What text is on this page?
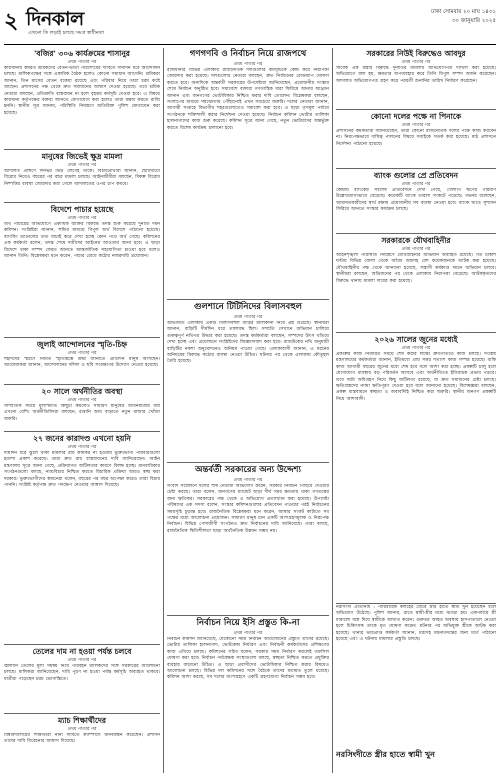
২ দিনকাল
এখনো কি লড়াই চলছে সমগ্র স্বাধীনতা
ঢাকা সোমবার ২০ মাঘ ১৪৩১
৩০ জানুয়ারি ২০২৫
'বজির' ৩০৬ কার্যক্রমের শাসানুর
প্রথম পাতার পর
কারখানায় কর্মরত শ্রমিকদের বেতন-ভাতা পরিশোধের দাবিতে দীর্ঘদিন ধরে আন্দোলন চলছে। মালিকপক্ষের সঙ্গে একাধিক বৈঠক হলেও কোনো সমাধান আসেনি। শ্রমিকরা জানান, তিন মাসের বেতন বকেয়া রয়েছে এবং পরিবার নিয়ে তারা চরম কষ্টে আছেন। প্রশাসনের পক্ষ থেকে দ্রুত সমাধানের আশ্বাস দেওয়া হয়েছে। তবে শ্রমিক নেতারা বলছেন, প্রতিশ্রুতি বাস্তবায়ন না হলে বৃহত্তর কর্মসূচি দেওয়া হবে। এ বিষয়ে কারখানা কর্তৃপক্ষের বক্তব্য জানতে যোগাযোগ করা হলেও তারা মন্তব্য করতে রাজি হননি। স্থানীয় সূত্র জানায়, পরিস্থিতি নিয়ন্ত্রণে অতিরিক্ত পুলিশ মোতায়েন করা হয়েছে।
মানুষের জিভেই ক্ষুদ্র মামলা
প্রথম পাতার পর
আদালত প্রাঙ্গণে দিনভর ভিড় লেগেই থাকে। বিচারপ্রার্থীরা জানান, ছোটখাটো বিরোধ নিয়েও বছরের পর বছর মামলা চলছে। আইনজীবীরা বলছেন, বিকল্প বিরোধ নিষ্পত্তির ব্যবস্থা জোরদার করা গেলে আদালতের ওপর চাপ কমবে।
বিদেশে পাচার হয়েছে
প্রথম পাতার পর
অর্থ পাচারের অভিযোগে একাধিক ব্যক্তির বিরুদ্ধে তদন্ত শুরু করেছে দুর্নীতি দমন কমিশন। সংশ্লিষ্টরা জানান, হুন্ডির মাধ্যমে বিপুল অর্থ বিদেশে পাঠানো হয়েছে। ব্যাংকিং চ্যানেলের তথ্য যাচাই করে দেখা হচ্ছে কোন পথে অর্থ গেছে। কমিশনের এক কর্মকর্তা বলেন, তদন্ত শেষে দায়ীদের আইনের আওতায় আনা হবে। এ ছাড়া বিদেশে থাকা সম্পদ ফেরত আনতে আন্তর্জাতিক সহযোগিতা চাওয়া হবে বলেও জানান তিনি। বিশ্লেষকরা মনে করেন, পাচার রোধে কঠোর নজরদারি প্রয়োজন।
জুলাই আন্দোলনের স্মৃতি-চিহ্ন
প্রথম পাতার পর
শহীদদের স্মরণে নির্মিত স্মৃতিস্তম্ভে শ্রদ্ধা জানাতে প্রতিদিন মানুষ আসছেন। আয়োজকরা জানান, আন্দোলনের দলিল ও ছবি সংরক্ষণের উদ্যোগ নেওয়া হয়েছে।
২০ সালে অর্থনীতির অবস্থা
প্রথম পাতার পর
সাম্প্রতিক সময়ে মূল্যস্ফীতি কিছুটা কমলেও সাধারণ মানুষের জীবনযাত্রার ব্যয় এখনো বেশি। অর্থনীতিবিদরা বলছেন, রপ্তানি আয় বাড়াতে নতুন বাজার খোঁজা জরুরি।
২৭ জনের কারাদণ্ড এখনো হয়নি
প্রথম পাতার পর
দীর্ঘদিন ধরে ঝুলে থাকা মামলার রায় কার্যকর না হওয়ায় ভুক্তভোগী পরিবারগুলো হতাশা প্রকাশ করেছে। তারা দ্রুত রায় বাস্তবায়নের দাবি জানিয়েছেন। আইন মন্ত্রণালয় সূত্রে জানা গেছে, প্রক্রিয়াগত জটিলতার কারণে বিলম্ব হচ্ছে। মানবাধিকার সংগঠনগুলো বলছে, ন্যায়বিচার নিশ্চিত করতে বিচারিক প্রক্রিয়া আরও স্বচ্ছ করা দরকার। ভুক্তভোগীদের স্বজনেরা বলেন, বছরের পর বছর অপেক্ষা করেও তারা বিচার পাননি। সংশ্লিষ্ট কর্তৃপক্ষ দ্রুত পদক্ষেপ নেওয়ার আশ্বাস দিয়েছে।
তেলের দাম না হওয়া পর্যন্ত চলবে
প্রথম পাতার পর
জ্বালানি তেলের মূল্য সমন্বয় নিয়ে পরিবহন মালিকদের সঙ্গে সরকারের আলোচনা চলছে। মালিকরা জানিয়েছেন, দাবি পূরণ না হওয়া পর্যন্ত কর্মসূচি অব্যাহত থাকবে। যাত্রীরা পড়েছেন চরম ভোগান্তিতে।
ম্যাচ শিক্ষার্থীদের
প্রথম পাতার পর
বিশ্ববিদ্যালয়ের শিক্ষার্থীরা নানা দাবিতে ক্যাম্পাসে মানববন্ধন করেছেন। প্রশাসন তাদের দাবি বিবেচনার আশ্বাস দিয়েছে।
গণগণবি ও নির্বাচন নিয়ে রাজপথে
প্রথম পাতার পর
রাজধানীর বিভিন্ন এলাকায় রাজনৈতিক দলগুলোর কর্মসূচিকে কেন্দ্র করে নিরাপত্তা জোরদার করা হয়েছে। দলগুলোর নেতারা বলছেন, দ্রুত নির্বাচনের রোডম্যাপ ঘোষণা করতে হবে। অন্যদিকে অন্তর্বর্তী সরকারের উপদেষ্টারা জানিয়েছেন, প্রয়োজনীয় সংস্কার শেষে নির্বাচন অনুষ্ঠিত হবে। সমাবেশে বক্তারা গণতান্ত্রিক ধারা ফিরিয়ে আনার আহ্বান জানান এবং জনগণের ভোটাধিকার নিশ্চিত করার দাবি তোলেন। বিশ্লেষকরা বলছেন, সংলাপের মাধ্যমে সমঝোতায় পৌঁছানোই এখন সবচেয়ে জরুরি। দলের নেতারা জানান, আগামী সপ্তাহে বিভাগীয় শহরগুলোতেও সমাবেশ করা হবে। এ ছাড়া তৃণমূল পর্যায়ে সংগঠনকে শক্তিশালী করার নির্দেশনা দেওয়া হয়েছে। নির্বাচন কমিশন ভোটার তালিকা হালনাগাদের কাজ শুরু করেছে। কমিশন সূত্রে জানা গেছে, নতুন ভোটারদের অন্তর্ভুক্ত করতে বিশেষ কার্যক্রম চালানো হবে।
গুলশানে টিটিনিদের বিলাসবহুল
প্রথম পাতার পর
অভিজাত এলাকায় একটি বিলাসবহুল বাড়ির মালিকানা নিয়ে প্রশ্ন উঠেছে। স্থানীয়রা জানান, বাড়িটি দীর্ঘদিন ধরে তালাবদ্ধ ছিল। সম্প্রতি সেখানে অভিযান চালিয়ে গুরুত্বপূর্ণ নথিপত্র উদ্ধার করা হয়েছে। তদন্ত কর্মকর্তারা বলছেন, সম্পদের উৎস খতিয়ে দেখা হচ্ছে এবং প্রয়োজনে সংশ্লিষ্টদের জিজ্ঞাসাবাদ করা হবে। রাজউকের নথি অনুযায়ী বাড়িটির নকশা অনুমোদনেও অনিয়ম পাওয়া গেছে। এলাকাবাসী জানান, এ ধরনের অনিয়মের বিরুদ্ধে কঠোর ব্যবস্থা নেওয়া উচিত। ঘটনার পর থেকে এলাকায় কৌতূহল তৈরি হয়েছে।
অন্তর্বর্তী সরকারের অন্য উদ্দেশ্য
প্রথম পাতার পর
সংবাদ সম্মেলনে দলের শীর্ষ নেতারা অভিযোগ করেন, সরকার নির্বাচন পিছিয়ে দেওয়ার চেষ্টা করছে। তারা বলেন, জনগণের ম্যান্ডেট ছাড়া দীর্ঘ সময় ক্ষমতায় থাকা গণতন্ত্রের জন্য ক্ষতিকর। সরকারের পক্ষ থেকে এ অভিযোগ প্রত্যাখ্যান করা হয়েছে। উপদেষ্টা পরিষদের এক সদস্য বলেন, সংস্কার কমিশনগুলোর প্রতিবেদন পাওয়ার পরই নির্বাচনের সময়সূচি চূড়ান্ত হবে। রাজনৈতিক বিশ্লেষকরা মনে করেন, আস্থার সংকট কাটাতে সব পক্ষের মধ্যে আলোচনা প্রয়োজন। সাধারণ মানুষ চান একটি অংশগ্রহণমূলক ও নিরপেক্ষ নির্বাচন। বিভিন্ন পেশাজীবী সংগঠনও দ্রুত নির্বাচনের দাবি জানিয়েছে। তারা বলছে, রাজনৈতিক স্থিতিশীলতা ছাড়া অর্থনৈতিক উন্নয়ন সম্ভব নয়।
নির্বাচন নিয়ে ইসি প্রস্তুত কি-না
প্রথম পাতার পর
নির্বাচন কমিশন জানিয়েছে, যেকোনো সময় নির্বাচন আয়োজনের প্রস্তুতি তাদের রয়েছে। ভোটার তালিকা হালনাগাদ, ভোটকেন্দ্র নির্ধারণ এবং নির্বাচনী কর্মকর্তাদের প্রশিক্ষণের কাজ এগিয়ে চলছে। কমিশনের সচিব বলেন, সরকার সময় নির্ধারণ করলেই তফসিল ঘোষণা করা হবে। নির্বাচন পর্যবেক্ষক সংস্থাগুলো বলছে, স্বচ্ছতা নিশ্চিত করতে প্রযুক্তির ব্যবহার বাড়ানো উচিত। এ ছাড়া প্রবাসীদের ভোটাধিকার নিশ্চিত করার বিষয়েও আলোচনা চলছে। বিভিন্ন দল কমিশনের সঙ্গে বৈঠকে তাদের মতামত তুলে ধরেছে। কমিশন আশা করছে, সব দলের অংশগ্রহণে একটি গ্রহণযোগ্য নির্বাচন সম্ভব হবে।
সরকারের নিউই বিরুদ্ধেও আবদুর
প্রথম পাতার পর
সাবেক এক মন্ত্রীর বিরুদ্ধে দুর্নীতির মামলায় অভিযোগপত্র দাখিল করা হয়েছে। অভিযোগে বলা হয়, ক্ষমতার অপব্যবহার করে তিনি বিপুল সম্পদ অর্জন করেছেন। আদালত অভিযোগপত্র গ্রহণ করে পরবর্তী শুনানির তারিখ নির্ধারণ করেছেন।
কোনো দলের পক্ষে না পিনাকে
প্রথম পাতার পর
প্রশাসনের কর্মকর্তারা জানিয়েছেন, তারা কোনো রাজনৈতিক দলের পক্ষে কাজ করবেন না। নিরপেক্ষভাবে দায়িত্ব পালনের বিষয়ে সবাইকে সতর্ক করা হয়েছে। মাঠ প্রশাসনে নির্দেশনা পাঠানো হয়েছে।
ব্যাংক গুলোর প্রে প্রতিবেদন
প্রথম পাতার পর
কেন্দ্রীয় ব্যাংকের সর্বশেষ প্রতিবেদনে দেখা গেছে, খেলাপি ঋণের পরিমাণ উল্লেখযোগ্যভাবে বেড়েছে। কয়েকটি ব্যাংক তারল্য সংকটে পড়েছে। গভর্নর বলেছেন, আমানতকারীদের স্বার্থ রক্ষায় প্রয়োজনীয় সব ব্যবস্থা নেওয়া হবে। ব্যাংক খাতে সুশাসন ফিরিয়ে আনতে সংস্কার কার্যক্রম চলছে।
সরকারকে যৌথবাহিনীর
প্রথম পাতার পর
আইনশৃঙ্খলা পরিস্থিতি নিয়ন্ত্রণে যৌথবাহিনীর অভিযান অব্যাহত রয়েছে। গত চব্বিশ ঘণ্টায় বিভিন্ন জেলা থেকে অবৈধ অস্ত্রসহ বেশ কয়েকজনকে আটক করা হয়েছে। যৌথবাহিনীর পক্ষ থেকে জানানো হয়েছে, সন্ত্রাসী কর্মকাণ্ড দমনে অভিযান চলবে। স্থানীয়রা বলছেন, অভিযানের পর থেকে এলাকায় নিরাপত্তা বেড়েছে। আটককৃতদের বিরুদ্ধে থানায় মামলা দায়ের করা হয়েছে।
২০২৬ সালের জুনের মধ্যেই
প্রথম পাতার পর
প্রকল্পের কাজ নির্ধারিত সময়ে শেষ করার লক্ষ্যে দ্রুতগতিতে কাজ চলছে। সংশ্লিষ্ট মন্ত্রণালয়ের কর্মকর্তারা জানান, ইতিমধ্যে প্রায় সত্তর শতাংশ কাজ সম্পন্ন হয়েছে। বাকি কাজ আগামী বছরের জুনের মধ্যে শেষ হবে বলে আশা করা হচ্ছে। প্রকল্পটি চালু হলে যোগাযোগ ব্যবস্থায় বড় পরিবর্তন আসবে এবং অর্থনীতিতে ইতিবাচক প্রভাব পড়বে। তবে জমি অধিগ্রহণ নিয়ে কিছু জটিলতা রয়েছে, যা দ্রুত সমাধানের চেষ্টা চলছে। ক্ষতিগ্রস্তদের ন্যায্য ক্ষতিপূরণ দেওয়া হবে বলে জানানো হয়েছে। বিশেষজ্ঞরা বলছেন, প্রকল্প বাস্তবায়নে স্বচ্ছতা ও জবাবদিহি নিশ্চিত করা জরুরি। স্থানীয় জনগণ প্রকল্পটি নিয়ে আশাবাদী।
নরসিংদী প্রতিনিধি : পারিবারিক কলহের জেরে স্ত্রীর হাতে স্বামী খুন হয়েছেন বলে অভিযোগ উঠেছে। পুলিশ জানায়, রাতে স্বামী-স্ত্রীর মধ্যে ঝগড়া হয়। একপর্যায়ে স্ত্রী ধারালো অস্ত্র দিয়ে স্বামীকে আঘাত করেন। গুরুতর আহত অবস্থায় হাসপাতালে নেওয়া হলে চিকিৎসক তাকে মৃত ঘোষণা করেন। ঘটনার পর অভিযুক্ত স্ত্রীকে আটক করা হয়েছে। থানার ভারপ্রাপ্ত কর্মকর্তা জানান, মরদেহ ময়নাতদন্তের জন্য মর্গে পাঠানো হয়েছে এবং এ ঘটনায় মামলার প্রস্তুতি চলছে।
নরসিংদীতে স্ত্রীর হাতে স্বামী খুন
